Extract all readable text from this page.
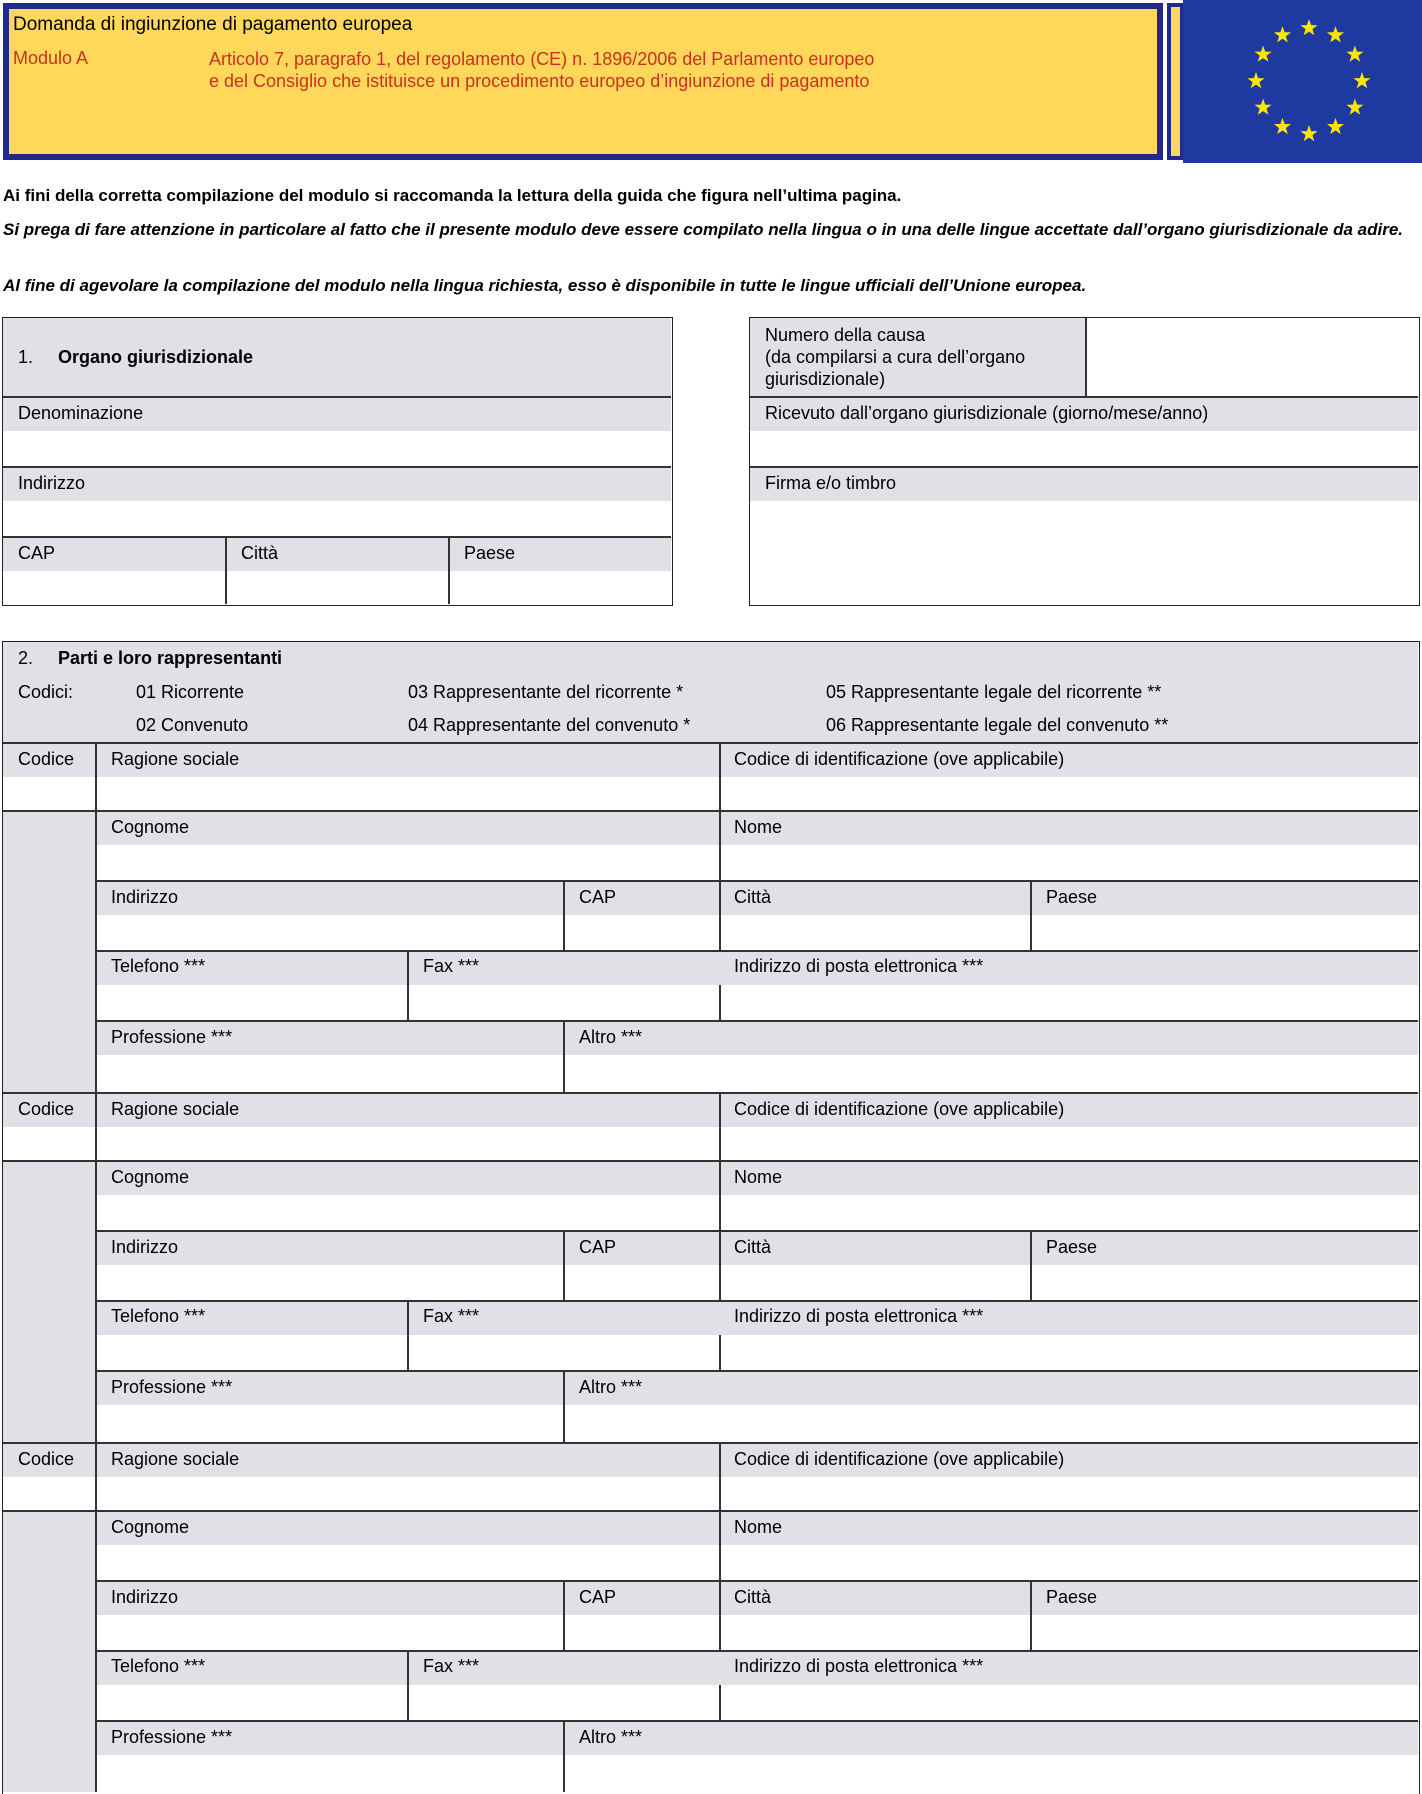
Domanda di ingiunzione di pagamento europea
Modulo A	Articolo 7, paragrafo 1, del regolamento (CE) n. 1896/2006 del Parlamento europeo
e del Consiglio che istituisce un procedimento europeo d’ingiunzione di pagamento
Ai fini della corretta compilazione del modulo si raccomanda la lettura della guida che figura nell’ultima pagina.
Si prega di fare attenzione in particolare al fatto che il presente modulo deve essere compilato nella lingua o in una delle lingue accettate dall’organo giurisdizionale da adire.
Al fine di agevolare la compilazione del modulo nella lingua richiesta, esso è disponibile in tutte le lingue ufficiali dell’Unione europea.
1. Organo giurisdizionale
Denominazione
Indirizzo
CAP	Città	Paese
Numero della causa
(da compilarsi a cura dell’organo
giurisdizionale)
Ricevuto dall’organo giurisdizionale (giorno/mese/anno)
Firma e/o timbro
2. Parti e loro rappresentanti
Codici:	01 Ricorrente
02 Convenuto
03 Rappresentante del ricorrente *
04 Rappresentante del convenuto *
05 Rappresentante legale del ricorrente **
06 Rappresentante legale del convenuto **
Codice Ragione sociale	Codice di identificazione (ove applicabile)
Cognome	Nome
Indirizzo	CAP	Città	Paese
Telefono ***	Fax ***	Indirizzo di posta elettronica ***
Professione ***	Altro ***
Codice Ragione sociale	Codice di identificazione (ove applicabile)
Cognome	Nome
Indirizzo	CAP	Città	Paese
Telefono ***	Fax ***	Indirizzo di posta elettronica ***
Professione ***	Altro ***
Codice Ragione sociale	Codice di identificazione (ove applicabile)
Cognome	Nome
Indirizzo	CAP	Città	Paese
Telefono ***	Fax ***	Indirizzo di posta elettronica ***
Professione ***	Altro ***
